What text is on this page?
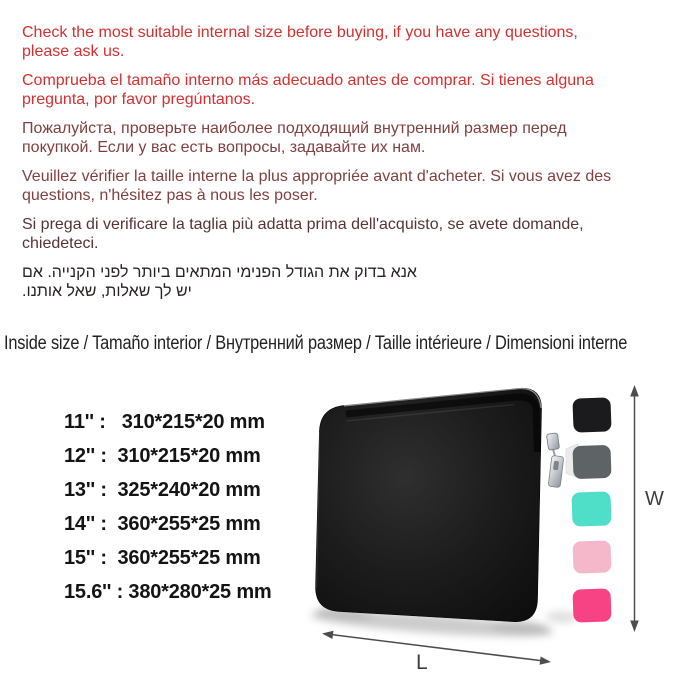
Check the most suitable internal size before buying, if you have any questions,
please ask us.
Comprueba el tamaño interno más adecuado antes de comprar. Si tienes alguna
pregunta, por favor pregúntanos.
Пожалуйста, проверьте наиболее подходящий внутренний размер перед
покупкой. Если у вас есть вопросы, задавайте их нам.
Veuillez vérifier la taille interne la plus appropriée avant d'acheter. Si vous avez des
questions, n'hésitez pas à nous les poser.
Si prega di verificare la taglia più adatta prima dell'acquisto, se avete domande,
chiedeteci.
םא .היינקה ינפל רתויב םיאתמה ימינפה לדוגה תא קודב אנא
.ונתוא לאש ,תולאש ךל שי
Inside size / Tamaño interior / Внутренний размер / Taille intérieure / Dimensioni interne
11'' :   310*215*20 mm
12'' :  310*215*20 mm
13'' :  325*240*20 mm
14'' :  360*255*25 mm
15'' :  360*255*25 mm
15.6'' : 380*280*25 mm
W
L
